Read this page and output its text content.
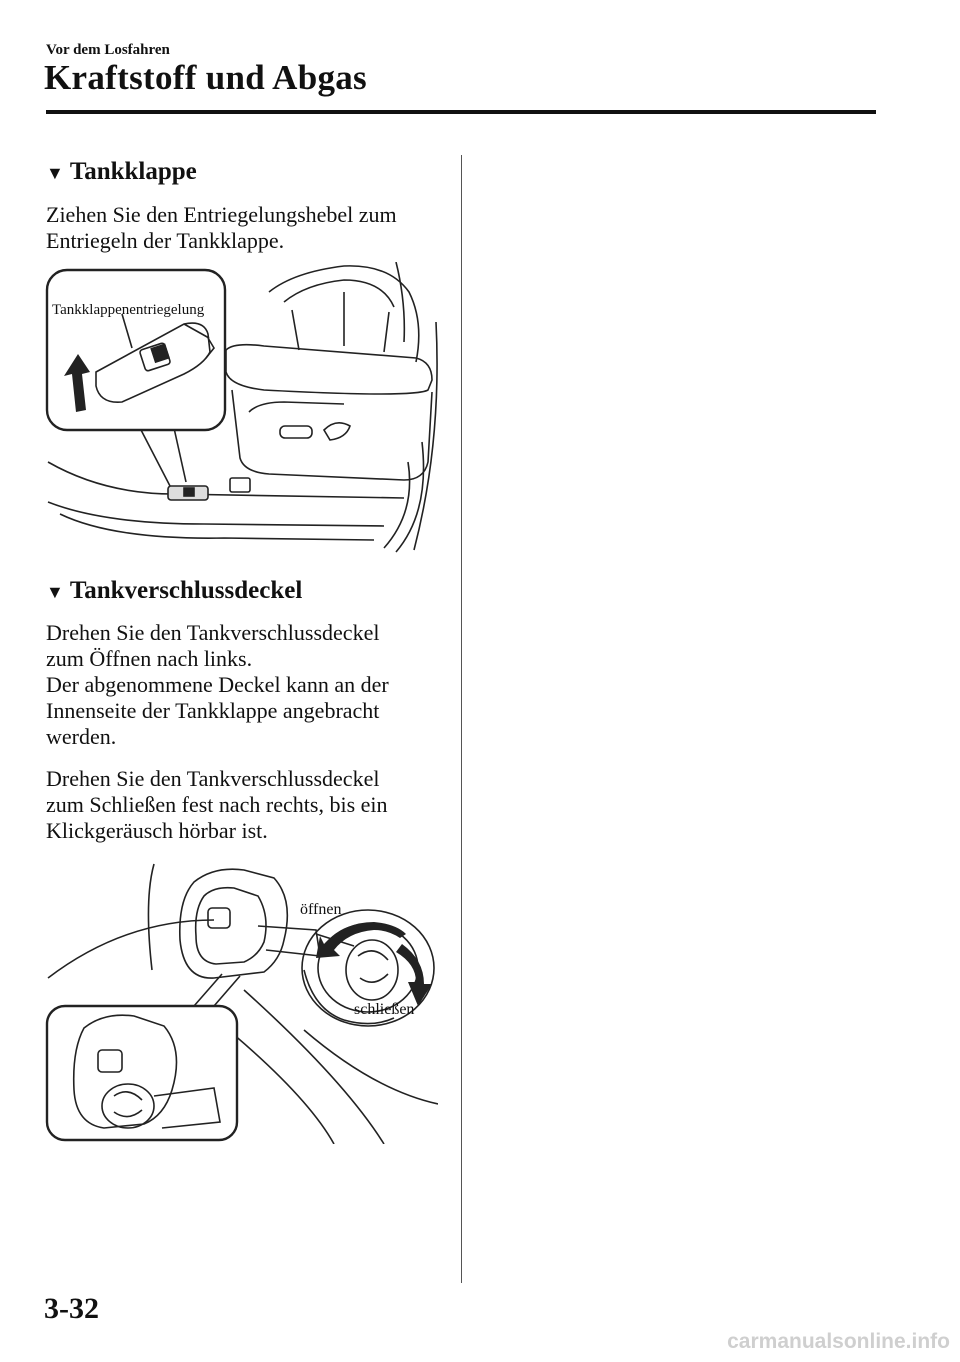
Vor dem Losfahren
Kraftstoff und Abgas
▼ Tankklappe
Ziehen Sie den Entriegelungshebel zum
Entriegeln der Tankklappe.
Tankklappenentriegelung
▼ Tankverschlussdeckel
Drehen Sie den Tankverschlussdeckel
zum Öffnen nach links.
Der abgenommene Deckel kann an der
Innenseite der Tankklappe angebracht
werden.
Drehen Sie den Tankverschlussdeckel
zum Schließen fest nach rechts, bis ein
Klickgeräusch hörbar ist.
öffnen
schließen
3-32
carmanualsonline.info
